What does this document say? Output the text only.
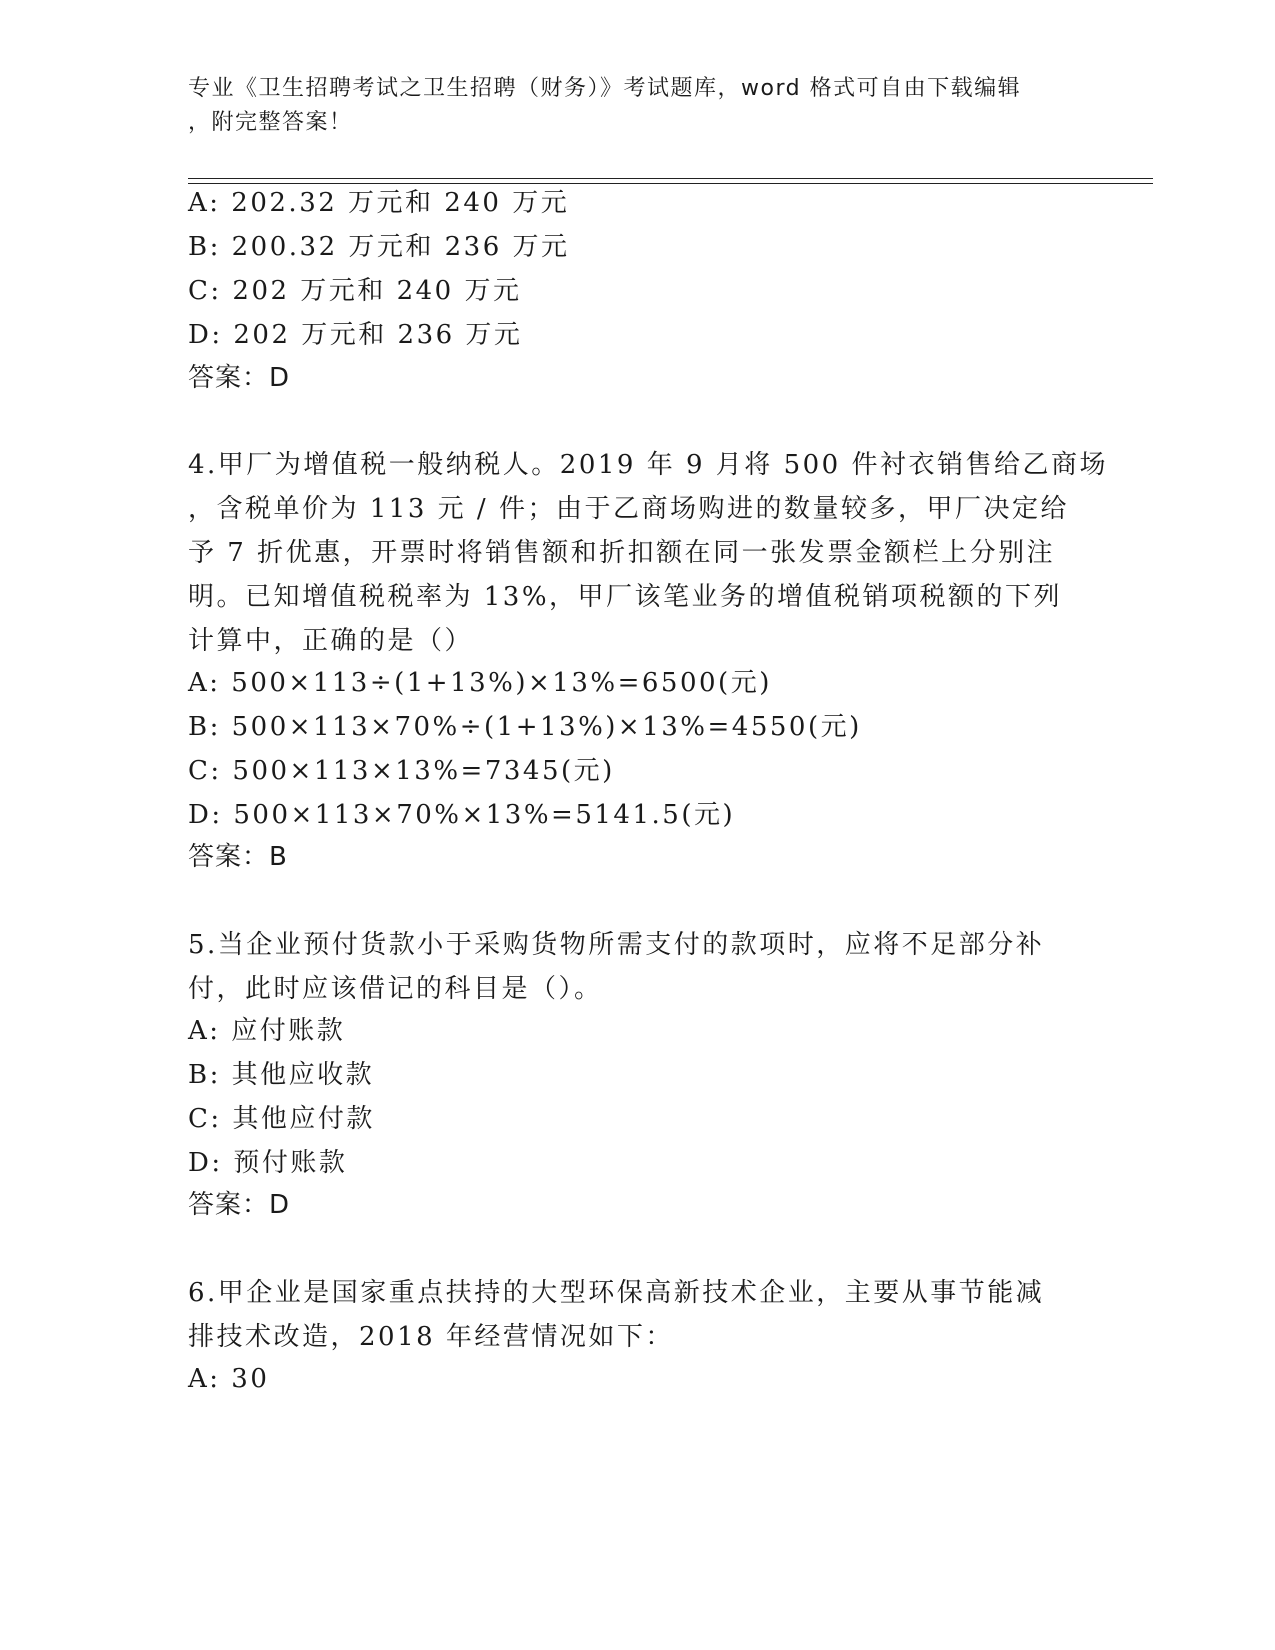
专业《卫生招聘考试之卫生招聘（财务）》考试题库，word 格式可自由下载编辑
，附完整答案！
A: 202.32 万元和 240 万元
B: 200.32 万元和 236 万元
C: 202 万元和 240 万元
D: 202 万元和 236 万元
答案：D
4.甲厂为增值税一般纳税人。2019 年 9 月将 500 件衬衣销售给乙商场
，含税单价为 113 元 / 件；由于乙商场购进的数量较多，甲厂决定给
予 7 折优惠，开票时将销售额和折扣额在同一张发票金额栏上分别注
明。已知增值税税率为 13%，甲厂该笔业务的增值税销项税额的下列
计算中，正确的是（）
A: 500×113÷(1+13%)×13%=6500(元)
B: 500×113×70%÷(1+13%)×13%=4550(元)
C: 500×113×13%=7345(元)
D: 500×113×70%×13%=5141.5(元)
答案：B
5.当企业预付货款小于采购货物所需支付的款项时，应将不足部分补
付，此时应该借记的科目是（）。
A: 应付账款
B: 其他应收款
C: 其他应付款
D: 预付账款
答案：D
6.甲企业是国家重点扶持的大型环保高新技术企业，主要从事节能减
排技术改造，2018 年经营情况如下：
A: 30
